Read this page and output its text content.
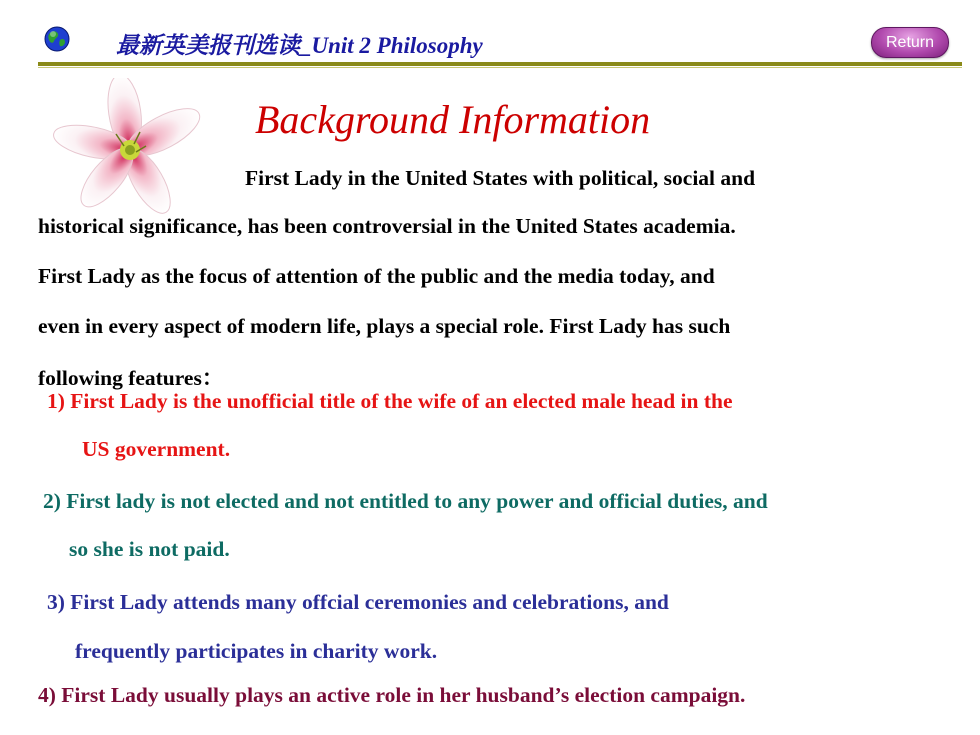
最新英美报刊选读_Unit 2 Philosophy	Return
Background Information
First Lady in the United States with political, social and
historical significance, has been controversial in the United States academia.
First Lady as the focus of attention of the public and the media today, and
even in every aspect of modern life, plays a special role. First Lady has such
following features：
1) First Lady is the unofficial title of the wife of an elected male head in the
US government.
2) First lady is not elected and not entitled to any power and official duties, and
so she is not paid.
3) First Lady attends many offcial ceremonies and celebrations, and
frequently participates in charity work.
4) First Lady usually plays an active role in her husband’s election campaign.
